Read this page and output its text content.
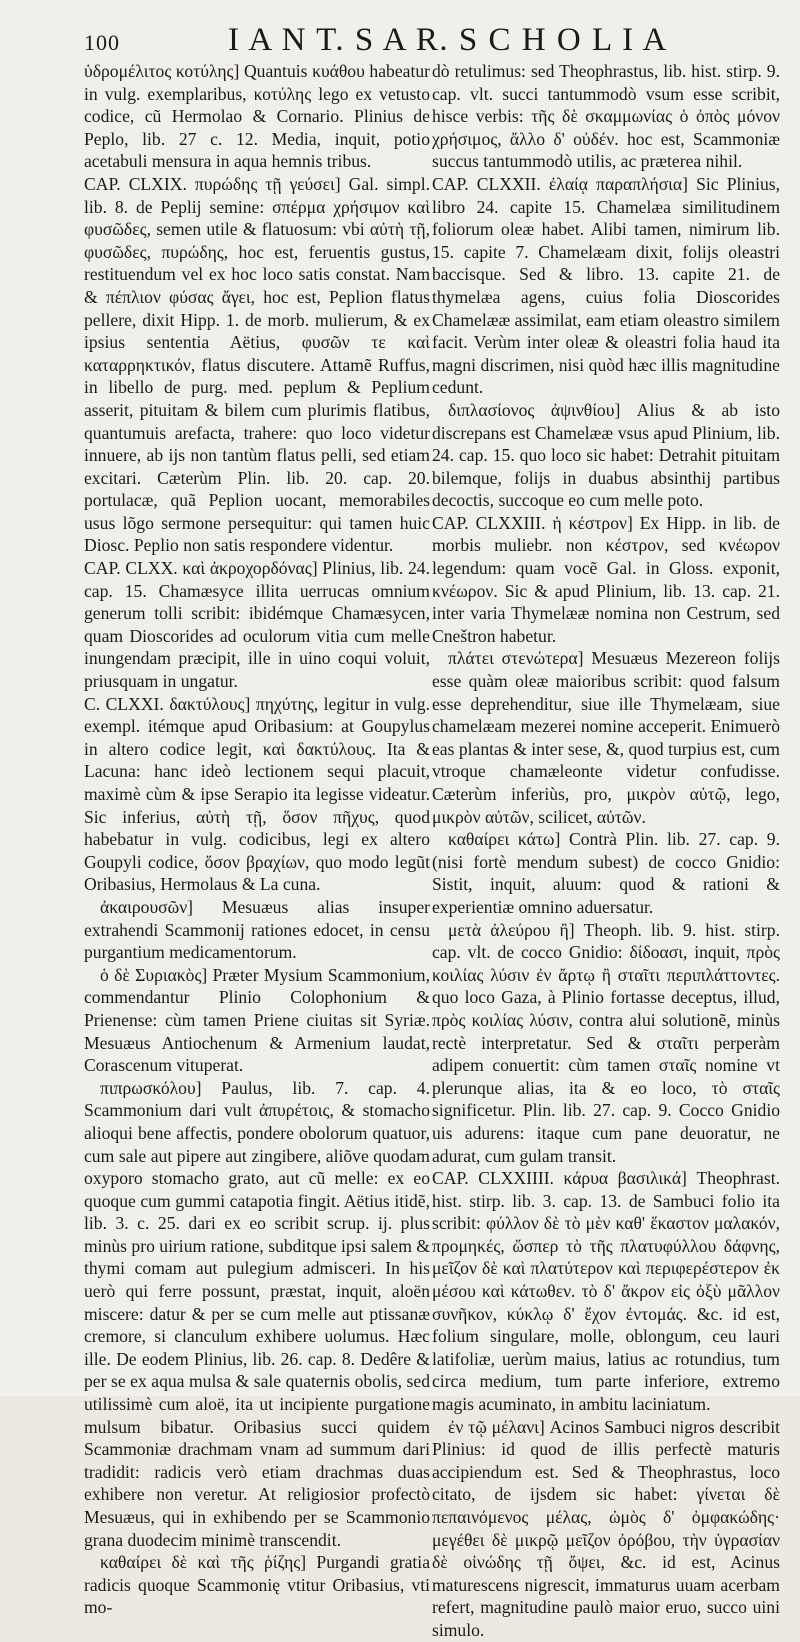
100	I A N T. S A R. S C H O L I A

ὑδρομέλιτος κοτύλης] Quantuis κυάθου habeatur in vulg. exemplaribus, κοτύλης lego ex vetusto codice, cũ Hermolao & Cornario. Plinius de Peplo, lib. 27 c. 12. Media, inquit, potio acetabuli mensura in aqua hemnis tribus.

CAP. CLXIX. πυρώδης τῇ γεύσει] Gal. simpl. lib. 8. de Peplij semine: σπέρμα χρήσιμον καὶ φυσῶδες, semen utile & flatuosum: vbi αὐτὴ τῇ, φυσῶδες, πυρώδης, hoc est, feruentis gustus, restituendum vel ex hoc loco satis constat. Nam & πέπλιον φύσας ἄγει, hoc est, Peplion flatus pellere, dixit Hipp. 1. de morb. mulierum, & ex ipsius sententia Aëtius, φυσῶν τε καὶ καταρρηκτικόν, flatus discutere. Attamẽ Ruffus, in libello de purg. med. peplum & Peplium asserit, pituitam & bilem cum plurimis flatibus, quantumuis arefacta, trahere: quo loco videtur innuere, ab ijs non tantùm flatus pelli, sed etiam excitari. Cæterùm Plin. lib. 20. cap. 20. portulacæ, quã Peplion uocant, memorabiles usus lõgo sermone persequitur: qui tamen huic Diosc. Peplio non satis respondere videntur.

CAP. CLXX. καὶ ἀκροχορδόνας] Plinius, lib. 24. cap. 15. Chamæsyce illita uerrucas omnium generum tolli scribit: ibidémque Chamæsycen, quam Dioscorides ad oculorum vitia cum melle inungendam præcipit, ille in uino coqui voluit, priusquam in ungatur.

C. CLXXI. δακτύλους] πηχύτης, legitur in vulg. exempl. itémque apud Oribasium: at Goupylus in altero codice legit, καὶ δακτύλους. Ita & Lacuna: hanc ideò lectionem sequi placuit, maximè cùm & ipse Serapio ita legisse videatur. Sic inferius, αὐτὴ τῇ, ὅσον πῆχυς, quod habebatur in vulg. codicibus, legi ex altero Goupyli codice, ὅσον βραχίων, quo modo legũt Oribasius, Hermolaus & La cuna.

ἀκαιρουσῶν] Mesuæus alias insuper extrahendi Scammonij rationes edocet, in censu purgantium medicamentorum.

ὁ δὲ Συριακὸς] Præter Mysium Scammonium, commendantur Plinio Colophonium & Prienense: cùm tamen Priene ciuitas sit Syriæ. Mesuæus Antiochenum & Armenium laudat, Corascenum vituperat.

πιπρωσκόλου] Paulus, lib. 7. cap. 4. Scammonium dari vult ἀπυρέτοις, & stomacho alioqui bene affectis, pondere obolorum quatuor, cum sale aut pipere aut zingibere, aliõve quodam oxyporo stomacho grato, aut cũ melle: ex eo quoque cum gummi catapotia fingit. Aëtius itidẽ, lib. 3. c. 25. dari ex eo scribit scrup. ij. plus minùs pro uirium ratione, subditque ipsi salem & thymi comam aut pulegium admisceri. In his uerò qui ferre possunt, præstat, inquit, aloën miscere: datur & per se cum melle aut ptissanæ cremore, si clanculum exhibere uolumus. Hæc ille. De eodem Plinius, lib. 26. cap. 8. Dedêre & per se ex aqua mulsa & sale quaternis obolis, sed utilissimè cum aloë, ita ut incipiente purgatione mulsum bibatur. Oribasius succi quidem Scammoniæ drachmam vnam ad summum dari tradidit: radicis verò etiam drachmas duas exhibere non veretur. At religiosior profectò Mesuæus, qui in exhibendo per se Scammonio grana duodecim minimè transcendit.

καθαίρει δὲ καὶ τῆς ῥίζης] Purgandi gratia radicis quoque Scammonię vtitur Oribasius, vti mo-

dò retulimus: sed Theophrastus, lib. hist. stirp. 9. cap. vlt. succi tantummodò vsum esse scribit, hisce verbis: τῆς δὲ σκαμμωνίας ὁ ὀπὸς μόνον χρήσιμος, ἄλλο δ' οὐδέν. hoc est, Scammoniæ succus tantummodò utilis, ac præterea nihil.

CAP. CLXXII. ἐλαίᾳ παραπλήσια] Sic Plinius, libro 24. capite 15. Chamelæa similitudinem foliorum oleæ habet. Alibi tamen, nimirum lib. 15. capite 7. Chamelæam dixit, folijs oleastri baccisque. Sed & libro. 13. capite 21. de thymelæa agens, cuius folia Dioscorides Chamelææ assimilat, eam etiam oleastro similem facit. Verùm inter oleæ & oleastri folia haud ita magni discrimen, nisi quòd hæc illis magnitudine cedunt.

διπλασίονος ἀψινθίου] Alius & ab isto discrepans est Chamelææ vsus apud Plinium, lib. 24. cap. 15. quo loco sic habet: Detrahit pituitam bilemque, folijs in duabus absinthij partibus decoctis, succoque eo cum melle poto.

CAP. CLXXIII. ἡ κέστρον] Ex Hipp. in lib. de morbis muliebr. non κέστρον, sed κνέωρον legendum: quam vocẽ Gal. in Gloss. exponit, κνέωρον. Sic & apud Plinium, lib. 13. cap. 21. inter varia Thymelææ nomina non Cestrum, sed Cneštron habetur.

πλάτει στενώτερα] Mesuæus Mezereon folijs esse quàm oleæ maioribus scribit: quod falsum esse deprehenditur, siue ille Thymelæam, siue chamelæam mezerei nomine acceperit. Enimuerò eas plantas & inter sese, &, quod turpius est, cum vtroque chamæleonte videtur confudisse. Cæterùm inferiùs, pro, μικρὸν αὐτῷ, lego, μικρὸν αὐτῶν, scilicet, αὐτῶν.

καθαίρει κάτω] Contrà Plin. lib. 27. cap. 9. (nisi fortè mendum subest) de cocco Gnidio: Sistit, inquit, aluum: quod & rationi & experientiæ omnino aduersatur.

μετὰ ἀλεύρου ἢ] Theoph. lib. 9. hist. stirp. cap. vlt. de cocco Gnidio: δίδοασι, inquit, πρὸς κοιλίας λύσιν ἐν ἄρτῳ ἢ σταῖτι περιπλάττοντες. quo loco Gaza, à Plinio fortasse deceptus, illud, πρὸς κοιλίας λύσιν, contra alui solutionẽ, minùs rectè interpretatur. Sed & σταῖτι perperàm adipem conuertit: cùm tamen σταῖς nomine vt plerunque alias, ita & eo loco, τὸ σταῖς significetur. Plin. lib. 27. cap. 9. Cocco Gnidio uis adurens: itaque cum pane deuoratur, ne adurat, cum gulam transit.

CAP. CLXXIIII. κάρυα βασιλικά] Theophrast. hist. stirp. lib. 3. cap. 13. de Sambuci folio ita scribit: φύλλον δὲ τὸ μὲν καθ' ἕκαστον μαλακόν, προμηκές, ὥσπερ τὸ τῆς πλατυφύλλου δάφνης, μεῖζον δὲ καὶ πλατύτερον καὶ περιφερέστερον ἐκ μέσου καὶ κάτωθεν. τὸ δ' ἄκρον εἰς ὀξὺ μᾶλλον συνῆκον, κύκλῳ δ' ἔχον ἐντομάς. &c. id est, folium singulare, molle, oblongum, ceu lauri latifoliæ, uerùm maius, latius ac rotundius, tum circa medium, tum parte inferiore, extremo magis acuminato, in ambitu laciniatum.

ἐν τῷ μέλανι] Acinos Sambuci nigros describit Plinius: id quod de illis perfectè maturis accipiendum est. Sed & Theophrastus, loco citato, de ijsdem sic habet: γίνεται δὲ πεπαινόμενος μέλας, ὠμὸς δ' ὀμφακώδης· μεγέθει δὲ μικρῷ μεῖζον ὀρόβου, τὴν ὑγρασίαν δὲ οἰνώδης τῇ ὄψει, &c. id est, Acinus maturescens nigrescit, immaturus uuam acerbam refert, magnitudine paulò maior eruo, succo uini simulo.
